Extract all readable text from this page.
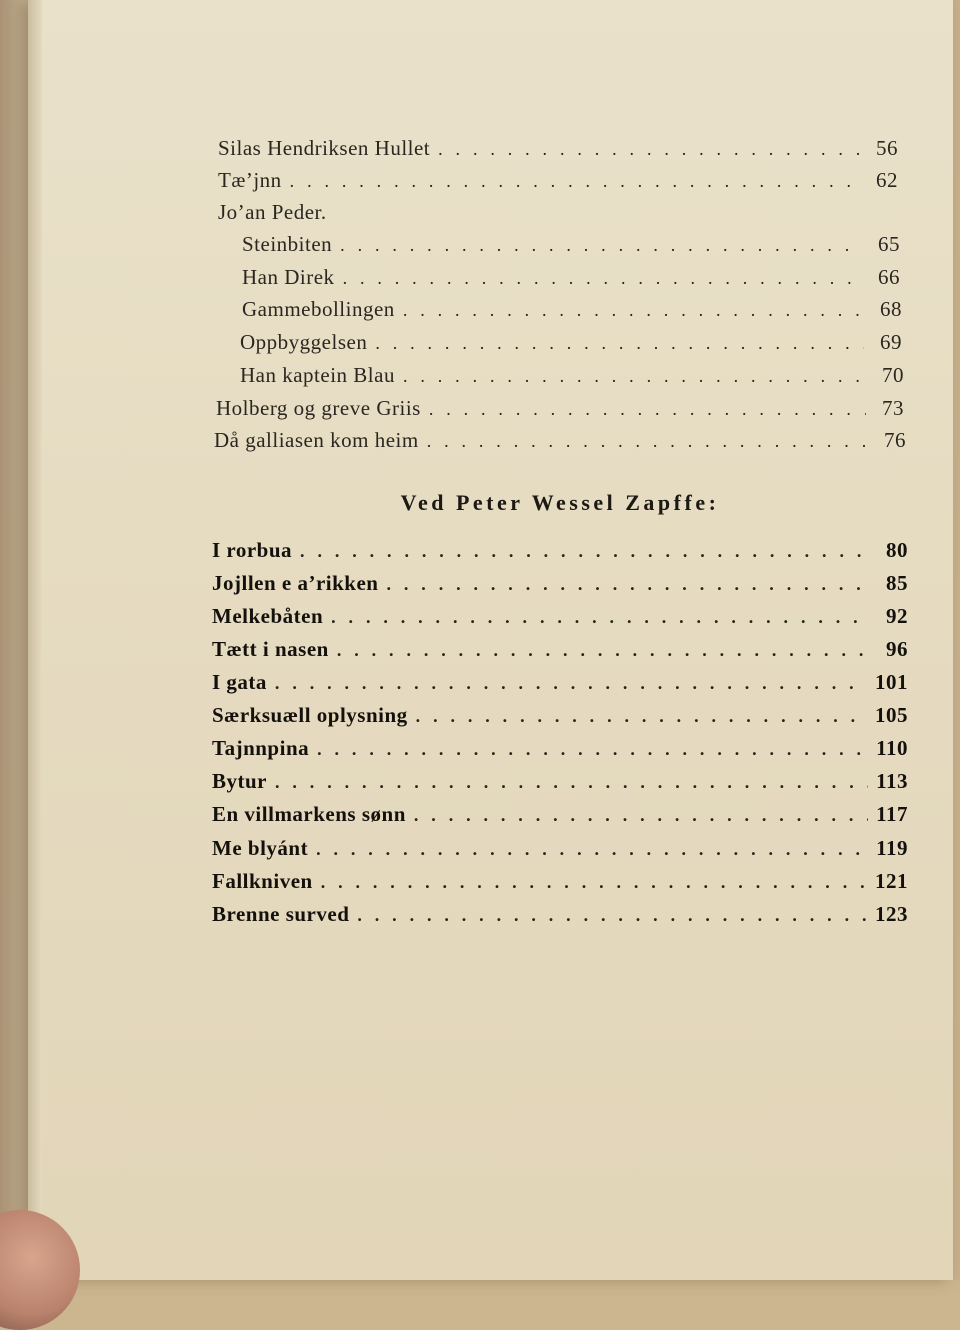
Silas Hendriksen Hullet . . .	56
Tæ’jnn . . .	62
Jo’an Peder.
Steinbiten . . .	65
Han Direk . . .	66
Gammebollingen . . .	68
Oppbyggelsen . . .	69
Han kaptein Blau . . .	70
Holberg og greve Griis . . .	73
Då galliasen kom heim . . .	76
Ved Peter Wessel Zapffe:
I rorbua . . .	80
Jojllen e a’rikken . . .	85
Melkebåten . . .	92
Tætt i nasen . . .	96
I gata . . .	101
Særksuæll oplysning . . .	105
Tajnnpina . . .	110
Bytur . . .	113
En villmarkens sønn . . .	117
Me blyánt . . .	119
Fallkniven . . .	121
Brenne surved . . .	123
